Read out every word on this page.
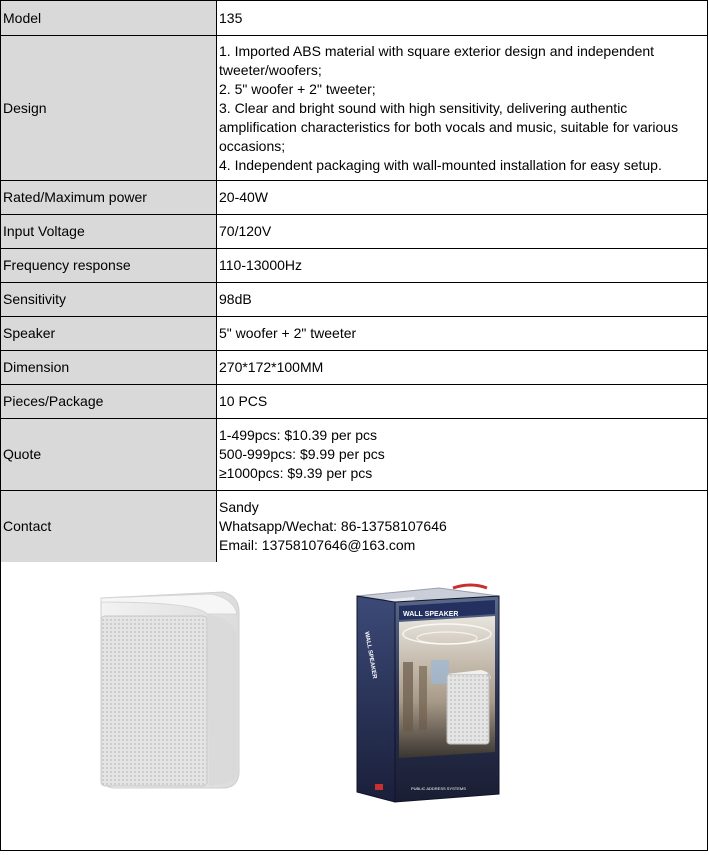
Model	135

Design	1. Imported ABS material with square exterior design and independent tweeter/woofers;
2. 5" woofer + 2" tweeter;
3. Clear and bright sound with high sensitivity, delivering authentic amplification characteristics for both vocals and music, suitable for various occasions;
4. Independent packaging with wall-mounted installation for easy setup.

Rated/Maximum power	20-40W

Input Voltage	70/120V

Frequency response	110-13000Hz

Sensitivity	98dB

Speaker	5" woofer + 2" tweeter

Dimension	270*172*100MM

Pieces/Package	10 PCS

Quote	1-499pcs: $10.39 per pcs
500-999pcs: $9.99 per pcs
≥1000pcs: $9.39 per pcs

Contact	Sandy
Whatsapp/Wechat: 86-13758107646
Email: 13758107646@163.com
WALL SPEAKER
WALL SPEAKER
PUBLIC ADDRESS SYSTEMS
